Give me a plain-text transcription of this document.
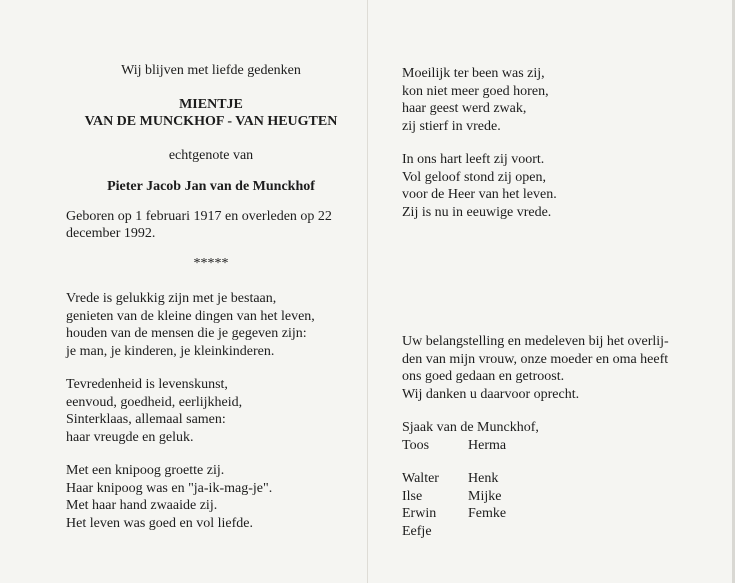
Wij blijven met liefde gedenken
MIENTJE
VAN DE MUNCKHOF - VAN HEUGTEN
echtgenote van
Pieter Jacob Jan van de Munckhof
Geboren op 1 februari 1917 en overleden op 22
december 1992.
*****
Vrede is gelukkig zijn met je bestaan,
genieten van de kleine dingen van het leven,
houden van de mensen die je gegeven zijn:
je man, je kinderen, je kleinkinderen.
Tevredenheid is levenskunst,
eenvoud, goedheid, eerlijkheid,
Sinterklaas, allemaal samen:
haar vreugde en geluk.
Met een knipoog groette zij.
Haar knipoog was en "ja-ik-mag-je".
Met haar hand zwaaide zij.
Het leven was goed en vol liefde.
Moeilijk ter been was zij,
kon niet meer goed horen,
haar geest werd zwak,
zij stierf in vrede.
In ons hart leeft zij voort.
Vol geloof stond zij open,
voor de Heer van het leven.
Zij is nu in eeuwige vrede.
Uw belangstelling en medeleven bij het overlij-
den van mijn vrouw, onze moeder en oma heeft
ons goed gedaan en getroost.
Wij danken u daarvoor oprecht.
Sjaak van de Munckhof,
Toos	Herma
Walter	Henk
Ilse	Mijke
Erwin	Femke
Eefje
